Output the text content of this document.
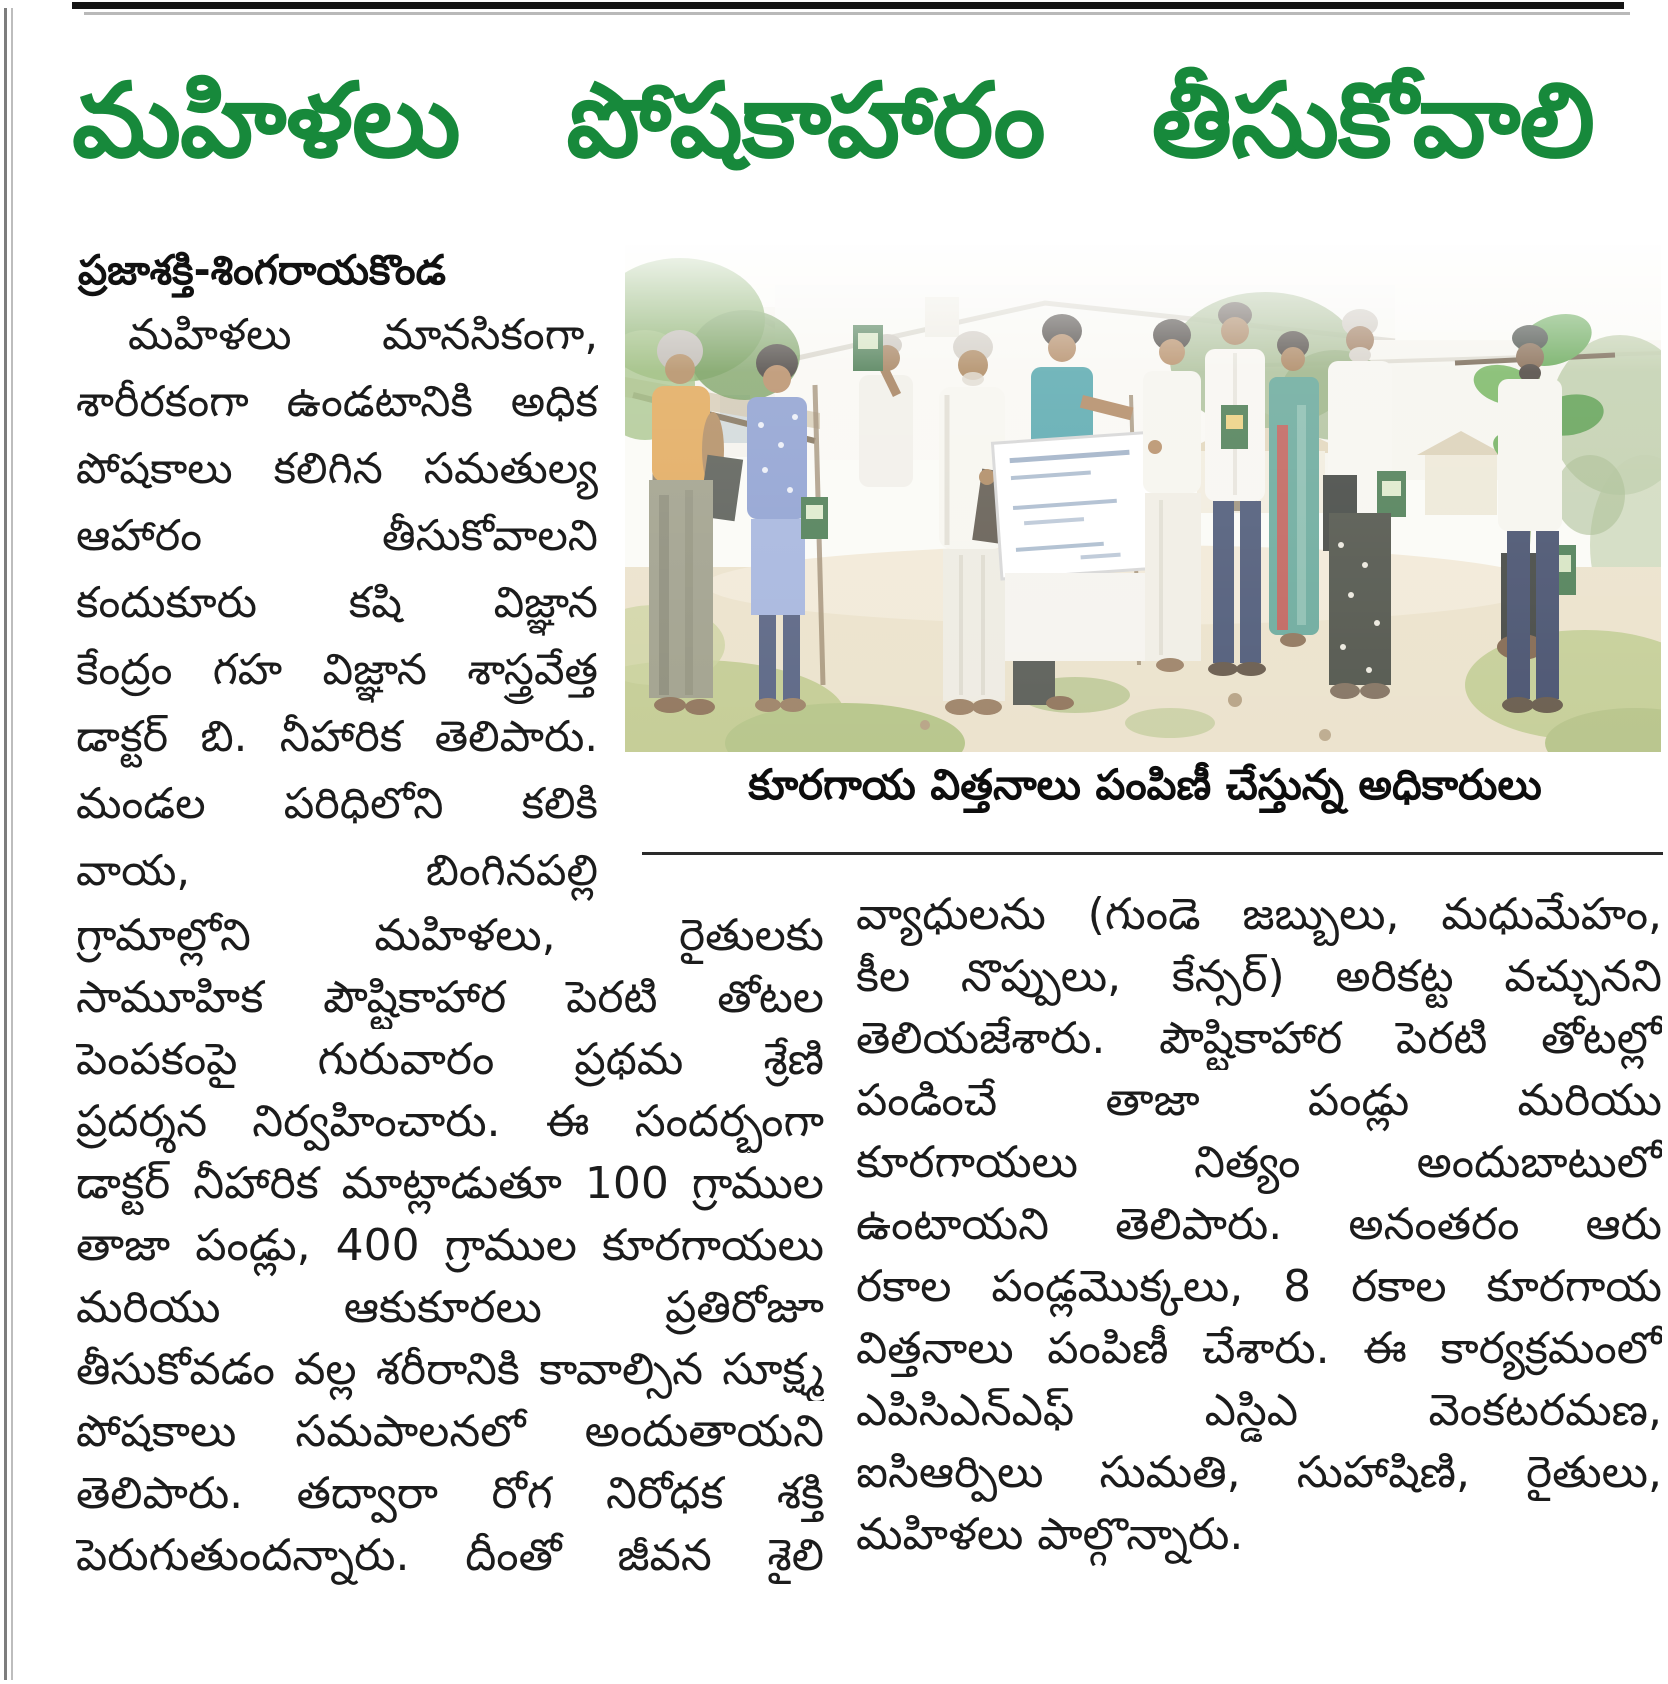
మహిళలు పోషకాహారం తీసుకోవాలి
ప్రజాశక్తి-శింగరాయకొండ
మహిళలు మానసికంగా,
శారీరకంగా ఉండటానికి అధిక
పోషకాలు కలిగిన సమతుల్య
ఆహారం తీసుకోవాలని
కందుకూరు కషి విజ్ఞాన
కేంద్రం గహ విజ్ఞాన శాస్త్రవేత్త
డాక్టర్ బి. నీహారిక తెలిపారు.
మండల పరిధిలోని కలికి
వాయ, బింగినపల్లి
కూరగాయ విత్తనాలు పంపిణీ చేస్తున్న అధికారులు
గ్రామాల్లోని మహిళలు, రైతులకు
సామూహిక పౌష్టికాహార పెరటి తోటల
పెంపకంపై గురువారం ప్రథమ శ్రేణి
ప్రదర్శన నిర్వహించారు. ఈ సందర్భంగా
డాక్టర్ నీహారిక మాట్లాడుతూ 100 గ్రాముల
తాజా పండ్లు, 400 గ్రాముల కూరగాయలు
మరియు ఆకుకూరలు ప్రతిరోజూ
తీసుకోవడం వల్ల శరీరానికి కావాల్సిన సూక్ష్మ
పోషకాలు సమపాలనలో అందుతాయని
తెలిపారు. తద్వారా రోగ నిరోధక శక్తి
పెరుగుతుందన్నారు. దీంతో జీవన శైలి
వ్యాధులను (గుండె జబ్బులు, మధుమేహం,
కీల నొప్పులు, కేన్సర్) అరికట్ట వచ్చునని
తెలియజేశారు. పౌష్టికాహార పెరటి తోటల్లో
పండించే తాజా పండ్లు మరియు
కూరగాయలు నిత్యం అందుబాటులో
ఉంటాయని తెలిపారు. అనంతరం ఆరు
రకాల పండ్లమొక్కలు, 8 రకాల కూరగాయ
విత్తనాలు పంపిణీ చేశారు. ఈ కార్యక్రమంలో
ఎపిసిఎన్ఎఫ్ ఎస్డిఎ వెంకటరమణ,
ఐసిఆర్పిలు సుమతి, సుహాషిణి, రైతులు,
మహిళలు పాల్గొన్నారు.
